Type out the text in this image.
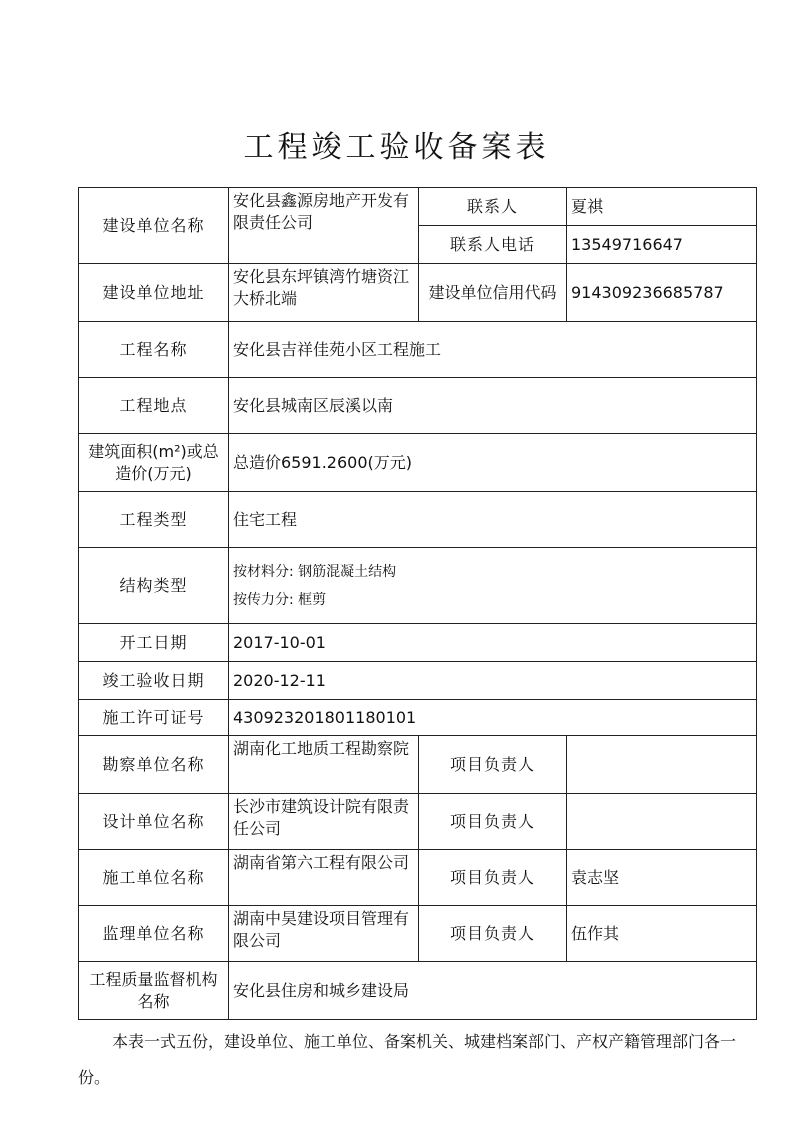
工程竣工验收备案表
建设单位名称	安化县鑫源房地产开发有限责任公司	联系人	夏祺
		联系人电话	13549716647
建设单位地址	安化县东坪镇湾竹塘资江大桥北端	建设单位信用代码	914309236685787
工程名称	安化县吉祥佳苑小区工程施工		
工程地点	安化县城南区辰溪以南		
建筑面积(m²)或总造价(万元)	总造价6591.2600(万元)		
工程类型	住宅工程		
结构类型	按材料分: 钢筋混凝土结构
按传力分: 框剪		

开工日期	2017-10-01		
竣工验收日期	2020-12-11		
施工许可证号	430923201801180101		
勘察单位名称	湖南化工地质工程勘察院	项目负责人	
设计单位名称	长沙市建筑设计院有限责任公司	项目负责人	
施工单位名称	湖南省第六工程有限公司	项目负责人	袁志坚
监理单位名称	湖南中昊建设项目管理有限公司	项目负责人	伍作其
工程质量监督机构名称	安化县住房和城乡建设局		
本表一式五份，建设单位、施工单位、备案机关、城建档案部门、产权产籍管理部门各一份。
